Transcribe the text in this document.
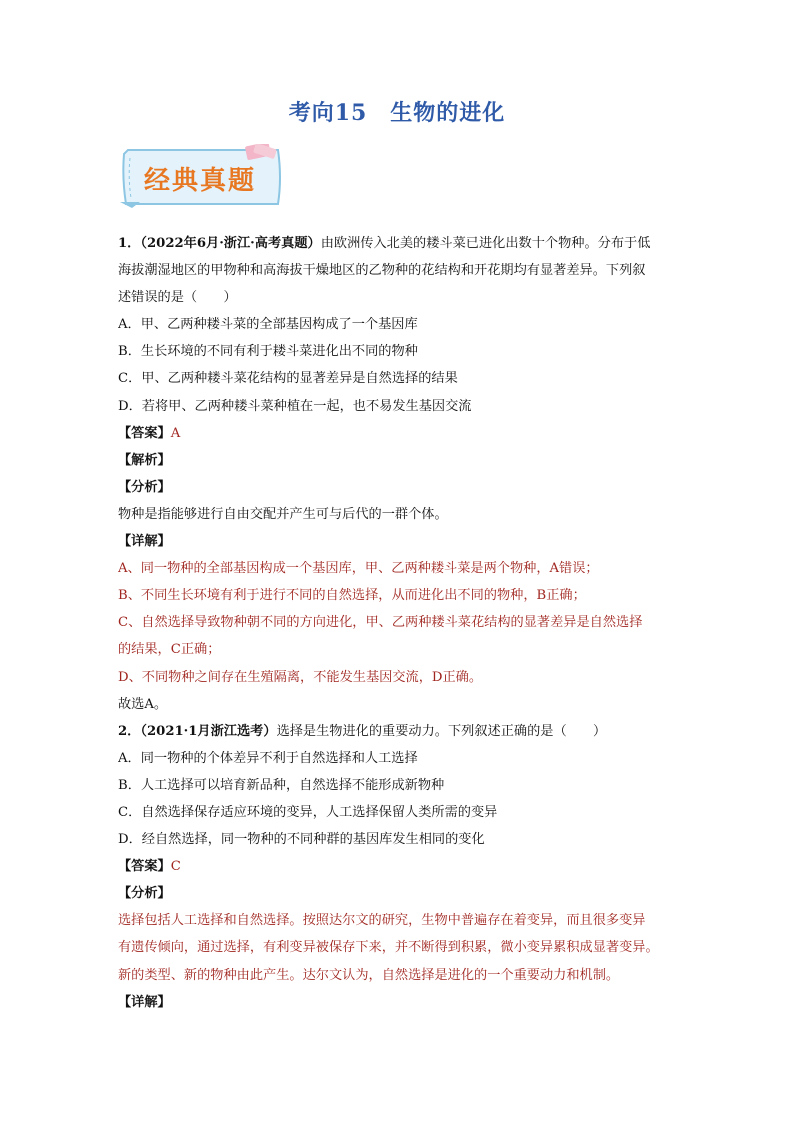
考向15　生物的进化
经典真题
1．（2022年6月·浙江·高考真题）由欧洲传入北美的耧斗菜已进化出数十个物种。分布于低
海拔潮湿地区的甲物种和高海拔干燥地区的乙物种的花结构和开花期均有显著差异。下列叙
述错误的是（　　）
A．甲、乙两种耧斗菜的全部基因构成了一个基因库
B．生长环境的不同有利于耧斗菜进化出不同的物种
C．甲、乙两种耧斗菜花结构的显著差异是自然选择的结果
D．若将甲、乙两种耧斗菜种植在一起，也不易发生基因交流
【答案】A
【解析】
【分析】
物种是指能够进行自由交配并产生可与后代的一群个体。
【详解】
A、同一物种的全部基因构成一个基因库，甲、乙两种耧斗菜是两个物种，A错误；
B、不同生长环境有利于进行不同的自然选择，从而进化出不同的物种，B正确；
C、自然选择导致物种朝不同的方向进化，甲、乙两种耧斗菜花结构的显著差异是自然选择
的结果，C正确；
D、不同物种之间存在生殖隔离，不能发生基因交流，D正确。
故选A。
2．（2021·1月浙江选考）选择是生物进化的重要动力。下列叙述正确的是（　　）
A．同一物种的个体差异不利于自然选择和人工选择
B．人工选择可以培育新品种，自然选择不能形成新物种
C．自然选择保存适应环境的变异，人工选择保留人类所需的变异
D．经自然选择，同一物种的不同种群的基因库发生相同的变化
【答案】C
【分析】
选择包括人工选择和自然选择。按照达尔文的研究，生物中普遍存在着变异，而且很多变异
有遗传倾向，通过选择，有利变异被保存下来，并不断得到积累，微小变异累积成显著变异。
新的类型、新的物种由此产生。达尔文认为，自然选择是进化的一个重要动力和机制。
【详解】
